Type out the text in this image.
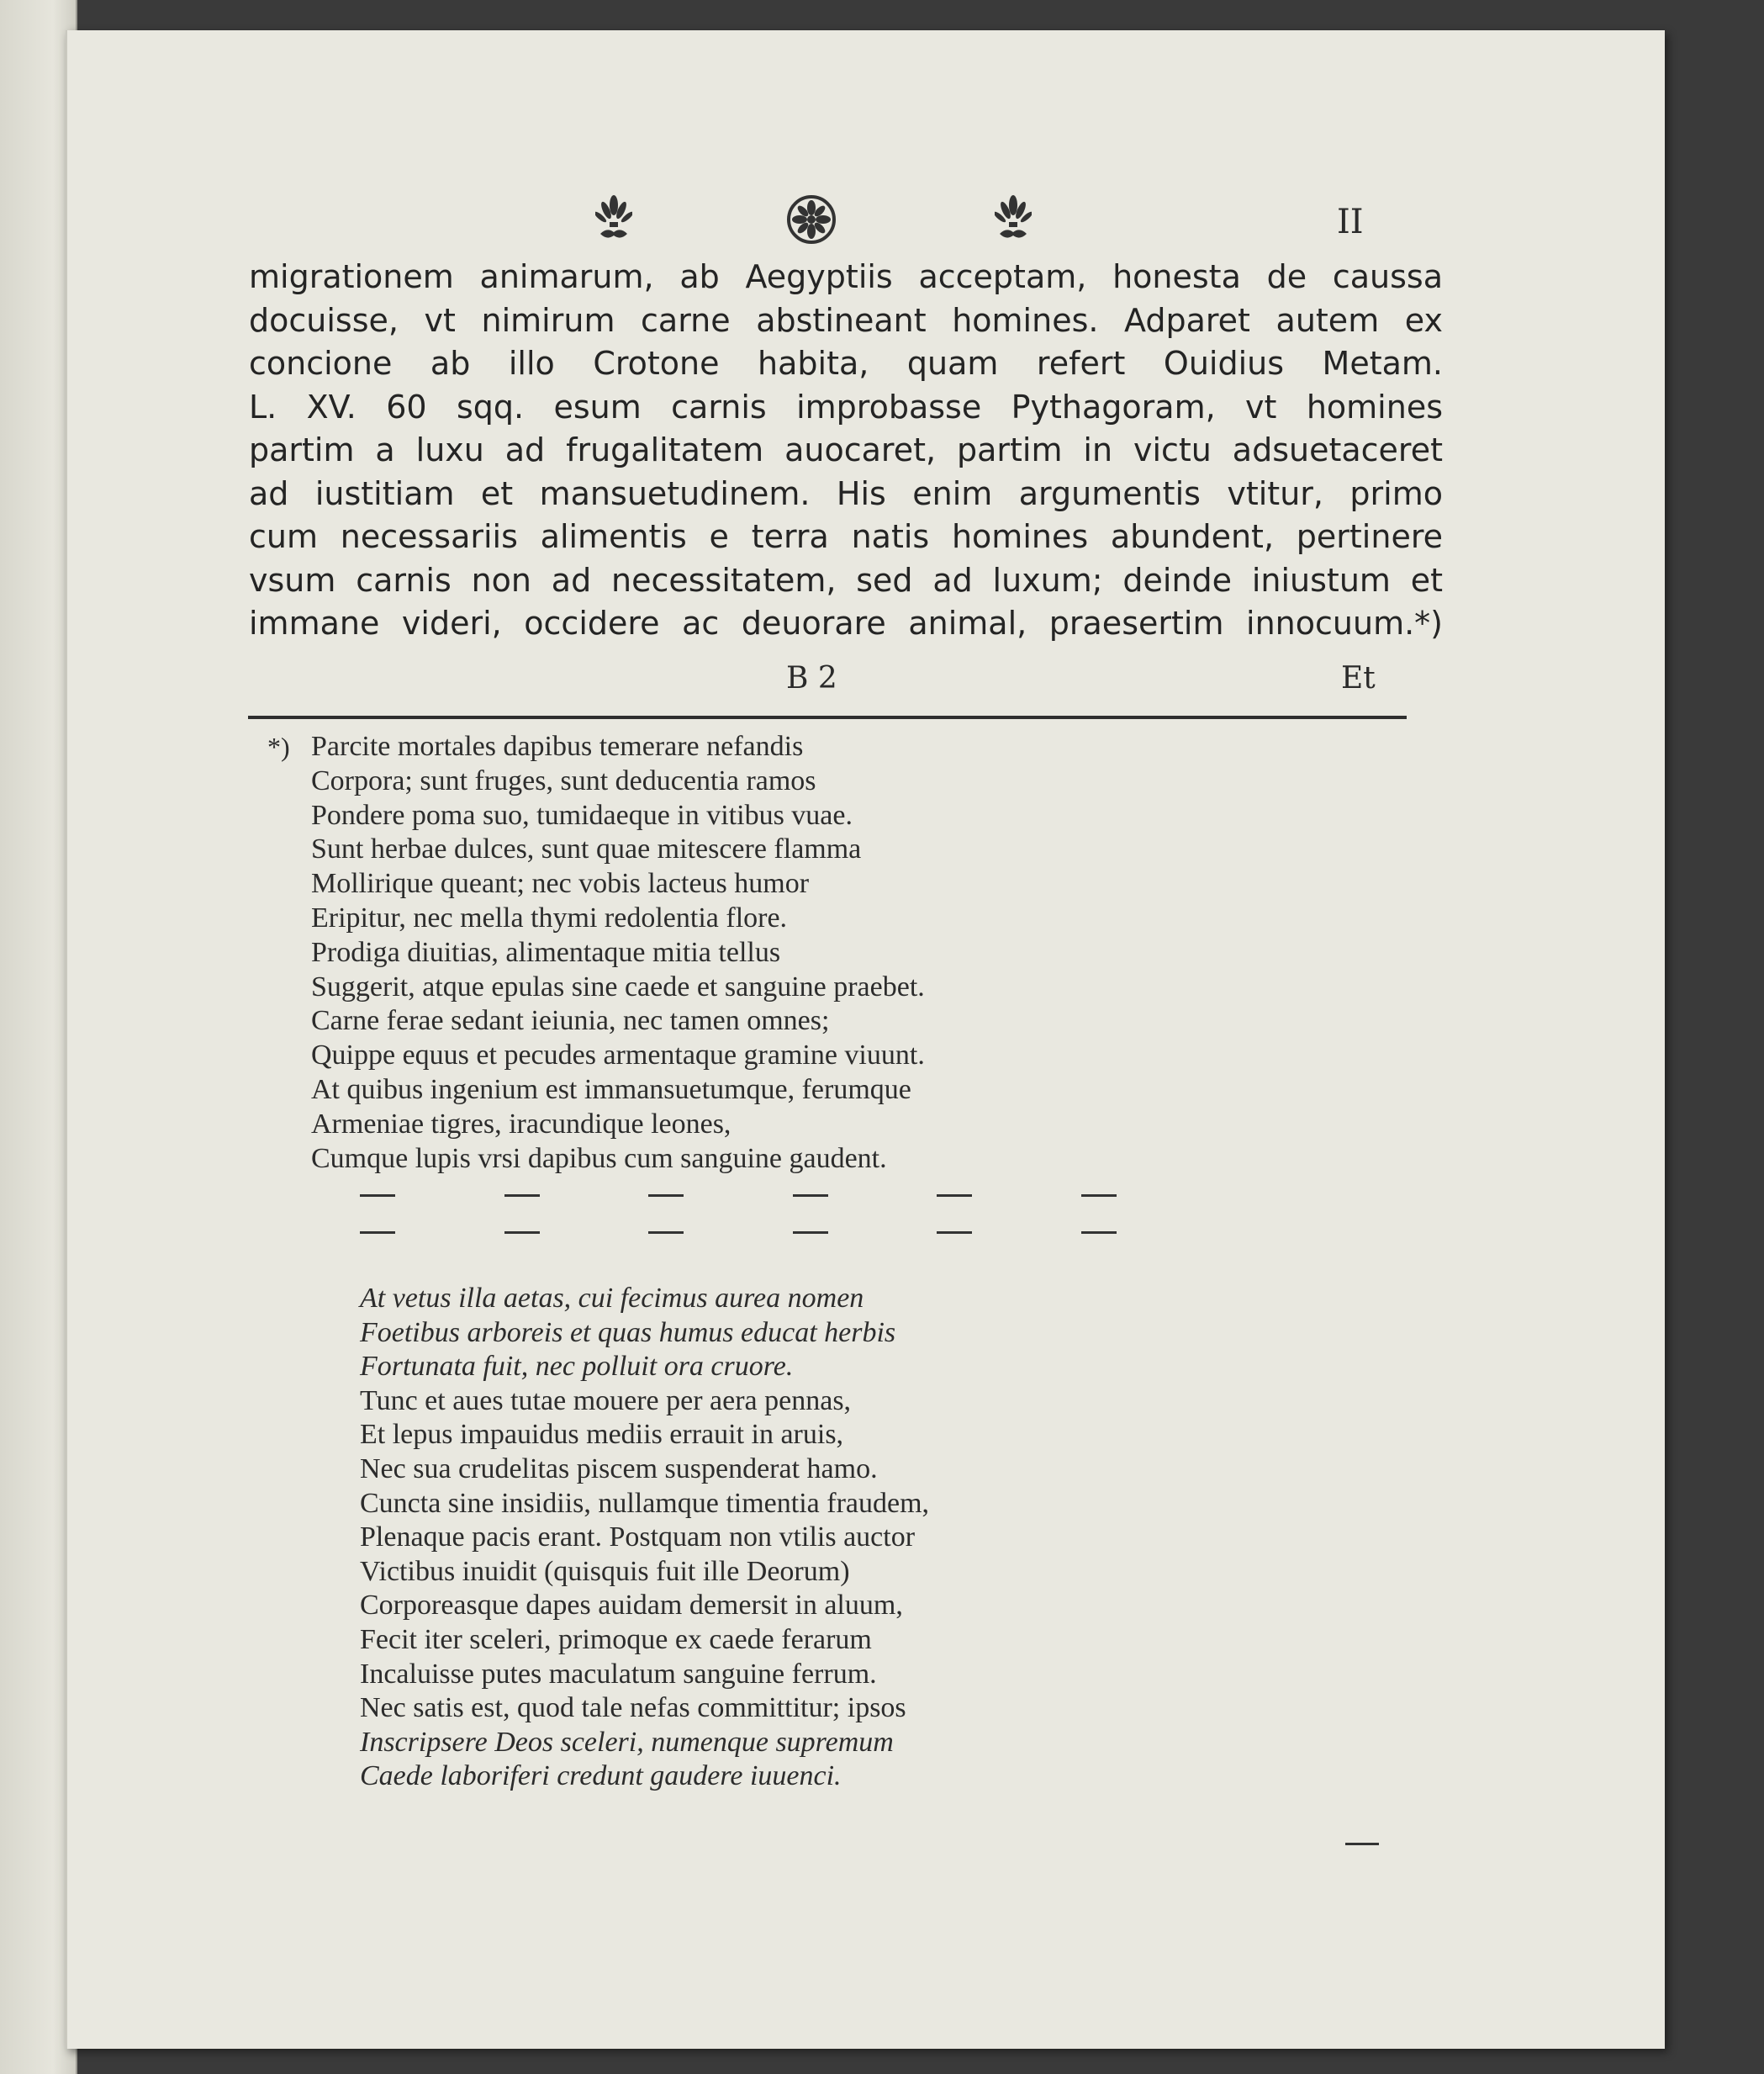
II
migrationem animarum, ab Aegyptiis acceptam, honesta de caussa
docuisse, vt nimirum carne abstineant homines. Adparet autem ex
concione ab illo Crotone habita, quam refert Ouidius Metam.
L. XV. 60 sqq. esum carnis improbasse Pythagoram, vt homines
partim a luxu ad frugalitatem auocaret, partim in victu adsuetaceret
ad iustitiam et mansuetudinem. His enim argumentis vtitur, primo
cum necessariis alimentis e terra natis homines abundent, pertinere
vsum carnis non ad necessitatem, sed ad luxum; deinde iniustum et
immane videri, occidere ac deuorare animal, praesertim innocuum.*)
B 2	Et
*) Parcite mortales dapibus temerare nefandis
Corpora; sunt fruges, sunt deducentia ramos
Pondere poma suo, tumidaeque in vitibus vuae.
Sunt herbae dulces, sunt quae mitescere flamma
Mollirique queant; nec vobis lacteus humor
Eripitur, nec mella thymi redolentia flore.
Prodiga diuitias, alimentaque mitia tellus
Suggerit, atque epulas sine caede et sanguine praebet.
Carne ferae sedant ieiunia, nec tamen omnes;
Quippe equus et pecudes armentaque gramine viuunt.
At quibus ingenium est immansuetumque, ferumque
Armeniae tigres, iracundique leones,
Cumque lupis vrsi dapibus cum sanguine gaudent.
At vetus illa aetas, cui fecimus aurea nomen
Foetibus arboreis et quas humus educat herbis
Fortunata fuit, nec polluit ora cruore.
Tunc et aues tutae mouere per aera pennas,
Et lepus impauidus mediis errauit in aruis,
Nec sua crudelitas piscem suspenderat hamo.
Cuncta sine insidiis, nullamque timentia fraudem,
Plenaque pacis erant. Postquam non vtilis auctor
Victibus inuidit (quisquis fuit ille Deorum)
Corporeasque dapes auidam demersit in aluum,
Fecit iter sceleri, primoque ex caede ferarum
Incaluisse putes maculatum sanguine ferrum.
Nec satis est, quod tale nefas committitur; ipsos
Inscripsere Deos sceleri, numenque supremum
Caede laboriferi credunt gaudere iuuenci.
